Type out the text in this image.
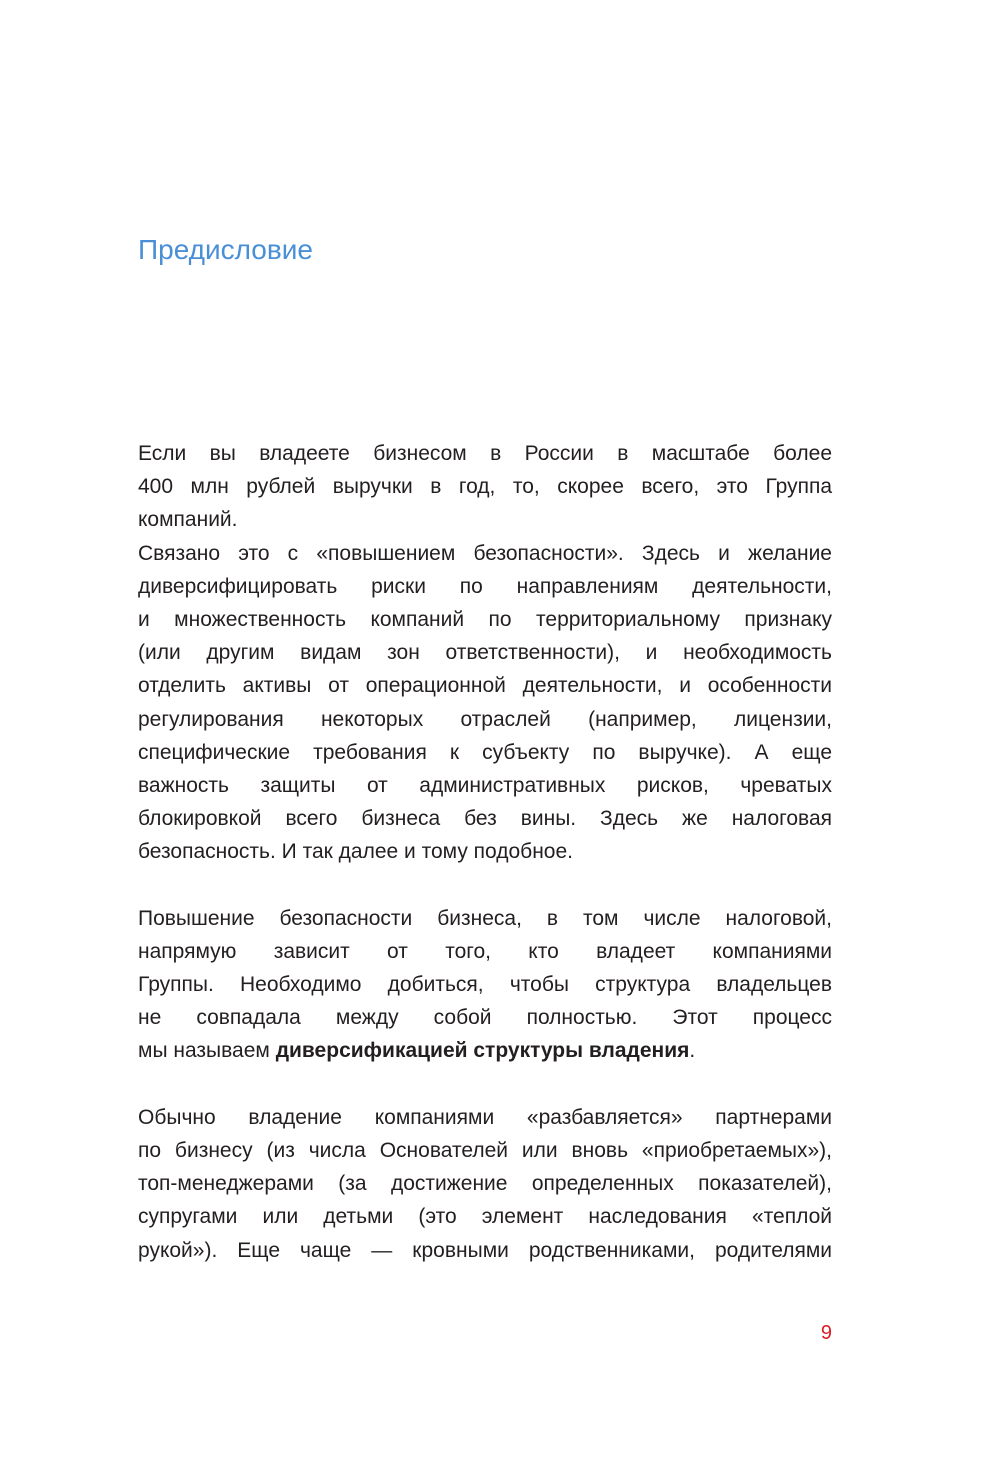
Предисловие
Если вы владеете бизнесом в России в масштабе более
400 млн рублей выручки в год, то, скорее всего, это Группа
компаний.
Связано это с «повышением безопасности». Здесь и желание
диверсифицировать риски по направлениям деятельности,
и множественность компаний по территориальному признаку
(или другим видам зон ответственности), и необходимость
отделить активы от операционной деятельности, и особенности
регулирования некоторых отраслей (например, лицензии,
специфические требования к субъекту по выручке). А еще
важность защиты от административных рисков, чреватых
блокировкой всего бизнеса без вины. Здесь же налоговая
безопасность. И так далее и тому подобное.
Повышение безопасности бизнеса, в том числе налоговой,
напрямую зависит от того, кто владеет компаниями
Группы. Необходимо добиться, чтобы структура владельцев
не совпадала между собой полностью. Этот процесс
мы называем диверсификацией структуры владения.
Обычно владение компаниями «разбавляется» партнерами
по бизнесу (из числа Основателей или вновь «приобретаемых»),
топ-менеджерами (за достижение определенных показателей),
супругами или детьми (это элемент наследования «теплой
рукой»). Еще чаще — кровными родственниками, родителями
9
